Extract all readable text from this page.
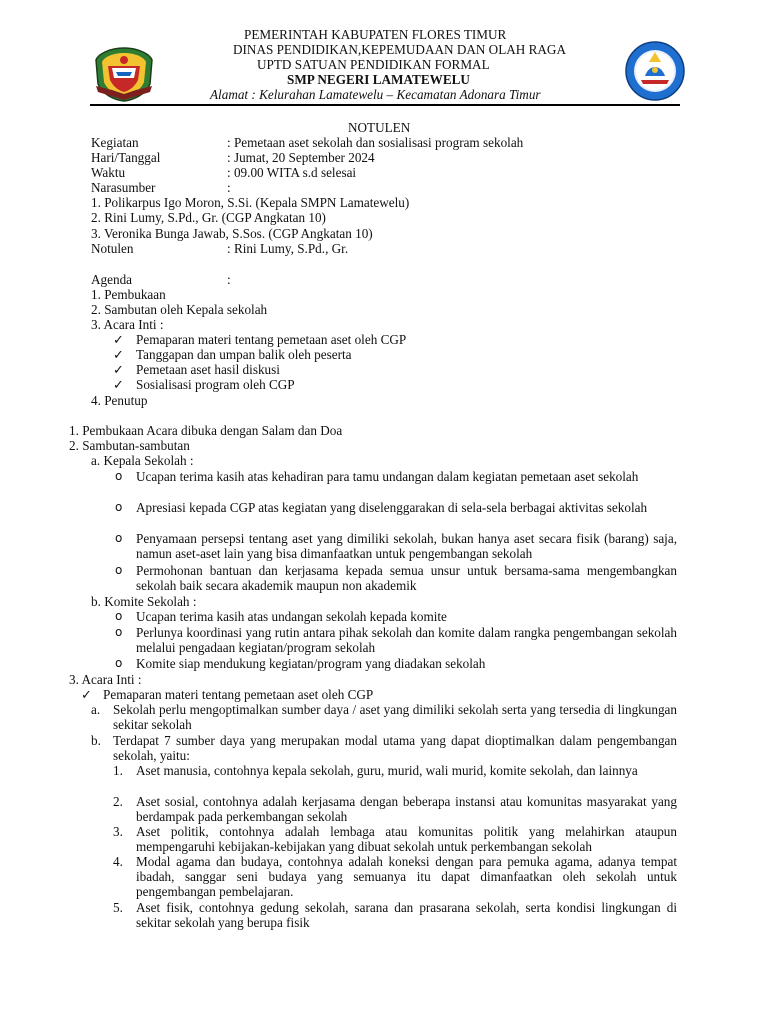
PEMERINTAH KABUPATEN FLORES TIMUR
DINAS PENDIDIKAN,KEPEMUDAAN DAN OLAH RAGA
UPTD SATUAN PENDIDIKAN FORMAL
SMP NEGERI LAMATEWELU
Alamat : Kelurahan Lamatewelu – Kecamatan Adonara Timur
NOTULEN
Kegiatan	: Pemetaan aset sekolah dan sosialisasi program sekolah
Hari/Tanggal	: Jumat, 20 September 2024
Waktu	: 09.00 WITA s.d selesai
Narasumber	:
1. Polikarpus Igo Moron, S.Si. (Kepala SMPN Lamatewelu)
2. Rini Lumy, S.Pd., Gr. (CGP Angkatan 10)
3. Veronika Bunga Jawab, S.Sos. (CGP Angkatan 10)
Notulen	: Rini Lumy, S.Pd., Gr.
Agenda	:
1. Pembukaan
2. Sambutan oleh Kepala sekolah
3. Acara Inti :
✓ Pemaparan materi tentang pemetaan aset oleh CGP
✓ Tanggapan dan umpan balik oleh peserta
✓ Pemetaan aset hasil diskusi
✓ Sosialisasi program oleh CGP
4. Penutup
1. Pembukaan Acara dibuka dengan Salam dan Doa
2. Sambutan-sambutan
a. Kepala Sekolah :
o Ucapan terima kasih atas kehadiran para tamu undangan dalam kegiatan pemetaan aset sekolah
o Apresiasi kepada CGP atas kegiatan yang diselenggarakan di sela-sela berbagai aktivitas sekolah
o Penyamaan persepsi tentang aset yang dimiliki sekolah, bukan hanya aset secara fisik (barang) saja, namun aset-aset lain yang bisa dimanfaatkan untuk pengembangan sekolah
o Permohonan bantuan dan kerjasama kepada semua unsur untuk bersama-sama mengembangkan sekolah baik secara akademik maupun non akademik
b. Komite Sekolah :
o Ucapan terima kasih atas undangan sekolah kepada komite
o Perlunya koordinasi yang rutin antara pihak sekolah dan komite dalam rangka pengembangan sekolah melalui pengadaan kegiatan/program sekolah
o Komite siap mendukung kegiatan/program yang diadakan sekolah
3. Acara Inti :
✓ Pemaparan materi tentang pemetaan aset oleh CGP
a. Sekolah perlu mengoptimalkan sumber daya / aset yang dimiliki sekolah serta yang tersedia di lingkungan sekitar sekolah
b. Terdapat 7 sumber daya yang merupakan modal utama yang dapat dioptimalkan dalam pengembangan sekolah, yaitu:
1. Aset manusia, contohnya kepala sekolah, guru, murid, wali murid, komite sekolah, dan lainnya
2. Aset sosial, contohnya adalah kerjasama dengan beberapa instansi atau komunitas masyarakat yang berdampak pada perkembangan sekolah
3. Aset politik, contohnya adalah lembaga atau komunitas politik yang melahirkan ataupun mempengaruhi kebijakan-kebijakan yang dibuat sekolah untuk perkembangan sekolah
4. Modal agama dan budaya, contohnya adalah koneksi dengan para pemuka agama, adanya tempat ibadah, sanggar seni budaya yang semuanya itu dapat dimanfaatkan oleh sekolah untuk pengembangan pembelajaran.
5. Aset fisik, contohnya gedung sekolah, sarana dan prasarana sekolah, serta kondisi lingkungan di sekitar sekolah yang berupa fisik
